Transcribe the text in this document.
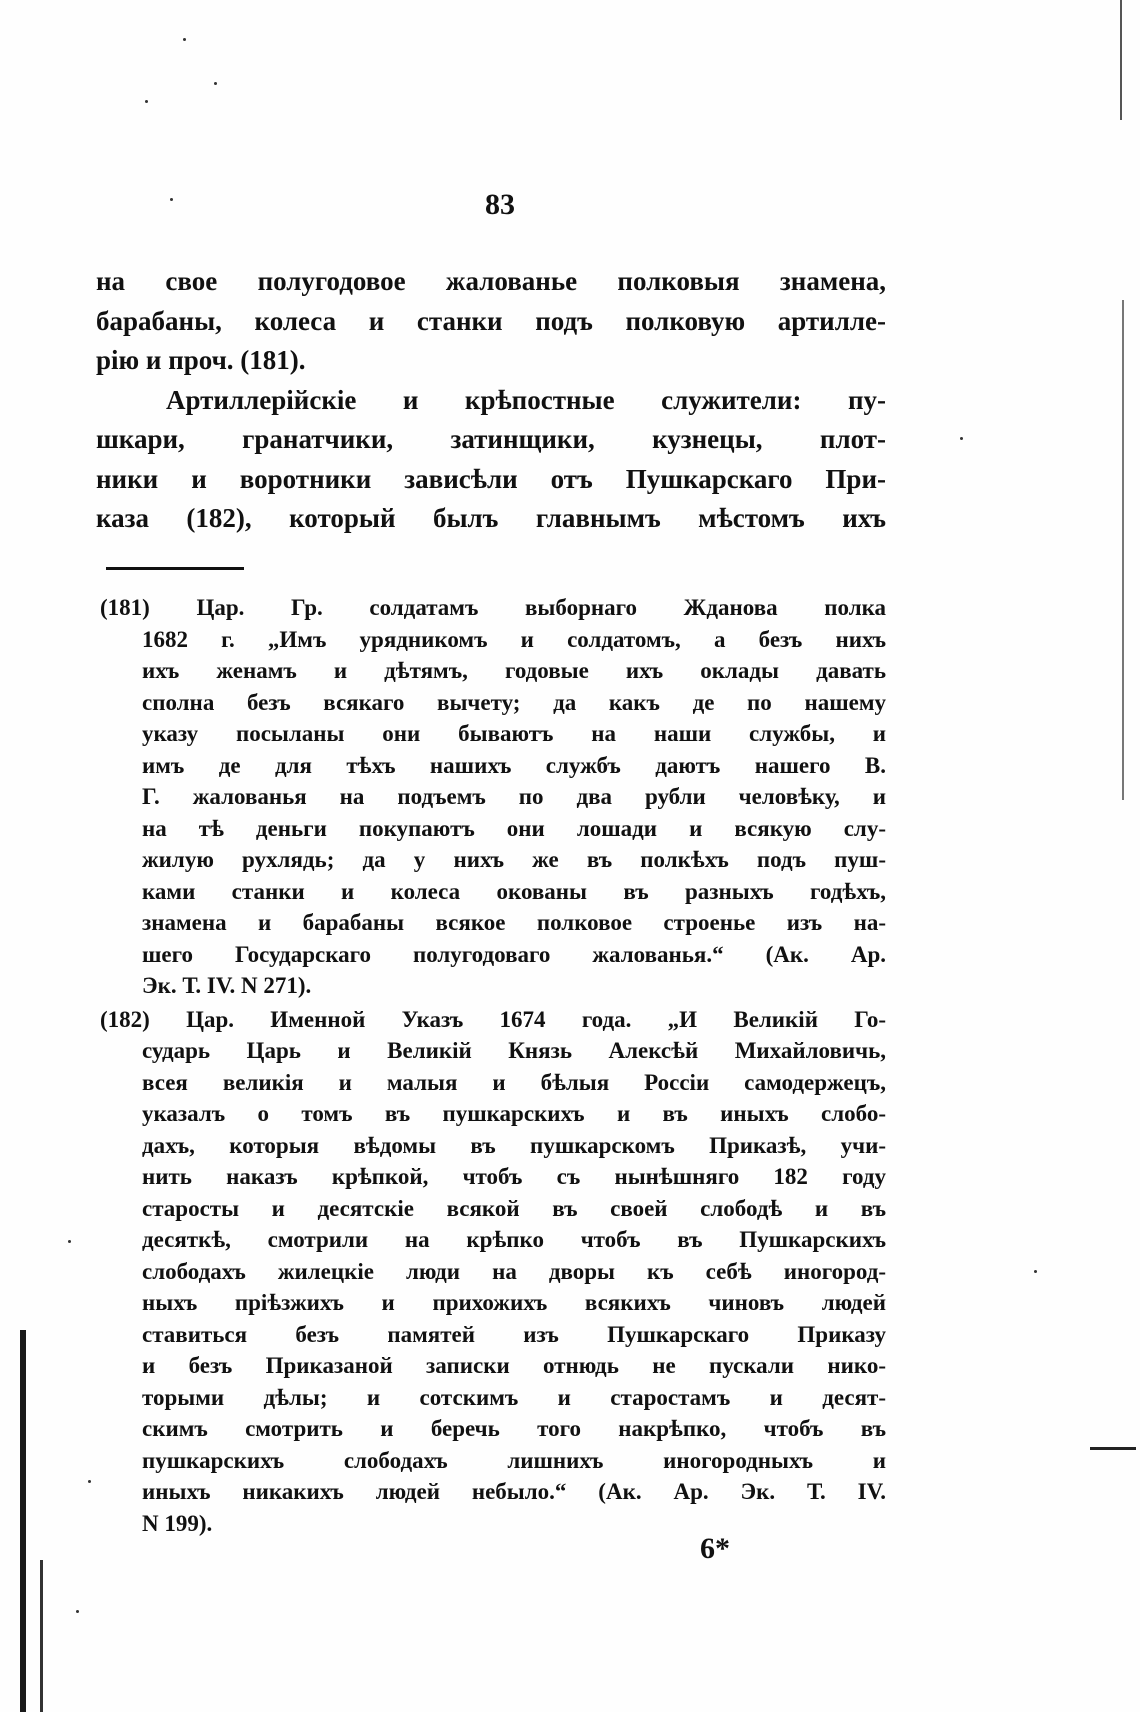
83

на свое полугодовое жалованье полковыя знамена,
барабаны, колеса и станки подъ полковую артилле-
рію и проч. (181).

Артиллерійскіе и крѣпостные служители: пу-
шкари, гранатчики, затинщики, кузнецы, плот-
ники и воротники зависѣли отъ Пушкарскаго При-
каза (182), который былъ главнымъ мѣстомъ ихъ

(181) Цар. Гр. солдатамъ выборнаго Жданова полка
1682 г. „Имъ урядникомъ и солдатомъ, а безъ нихъ
ихъ женамъ и дѣтямъ, годовые ихъ оклады давать
сполна безъ всякаго вычету; да какъ де по нашему
указу посыланы они бываютъ на наши службы, и
имъ де для тѣхъ нашихъ службъ даютъ нашего В.
Г. жалованья на подъемъ по два рубли человѣку, и
на тѣ деньги покупаютъ они лошади и всякую слу-
жилую рухлядь; да у нихъ же въ полкѣхъ подъ пуш-
ками станки и колеса окованы въ разныхъ годѣхъ,
знамена и барабаны всякое полковое строенье изъ на-
шего Государскаго полугодоваго жалованья.“ (Ак. Ар.
Эк. Т. IV. N 271).
(182) Цар. Именной Указъ 1674 года. „И Великій Го-
сударь Царь и Великій Князь Алексѣй Михайловичь,
всея великія и малыя и бѣлыя Россіи самодержецъ,
указалъ о томъ въ пушкарскихъ и въ иныхъ слобо-
дахъ, которыя вѣдомы въ пушкарскомъ Приказѣ, учи-
нить наказъ крѣпкой, чтобъ съ нынѣшняго 182 году
старосты и десятскіе всякой въ своей слободѣ и въ
десяткѣ, смотрили на крѣпко чтобъ въ Пушкарскихъ
слободахъ жилецкіе люди на дворы къ себѣ иногород-
ныхъ пріѣзжихъ и прихожихъ всякихъ чиновъ людей
ставиться безъ памятей изъ Пушкарскаго Приказу
и безъ Приказаной записки отнюдь не пускали нико-
торыми дѣлы; и сотскимъ и старостамъ и десят-
скимъ смотрить и беречь того накрѣпко, чтобъ въ
пушкарскихъ слободахъ лишнихъ иногородныхъ и
иныхъ никакихъ людей небыло.“ (Ак. Ар. Эк. Т. IV.
N 199).
6*
